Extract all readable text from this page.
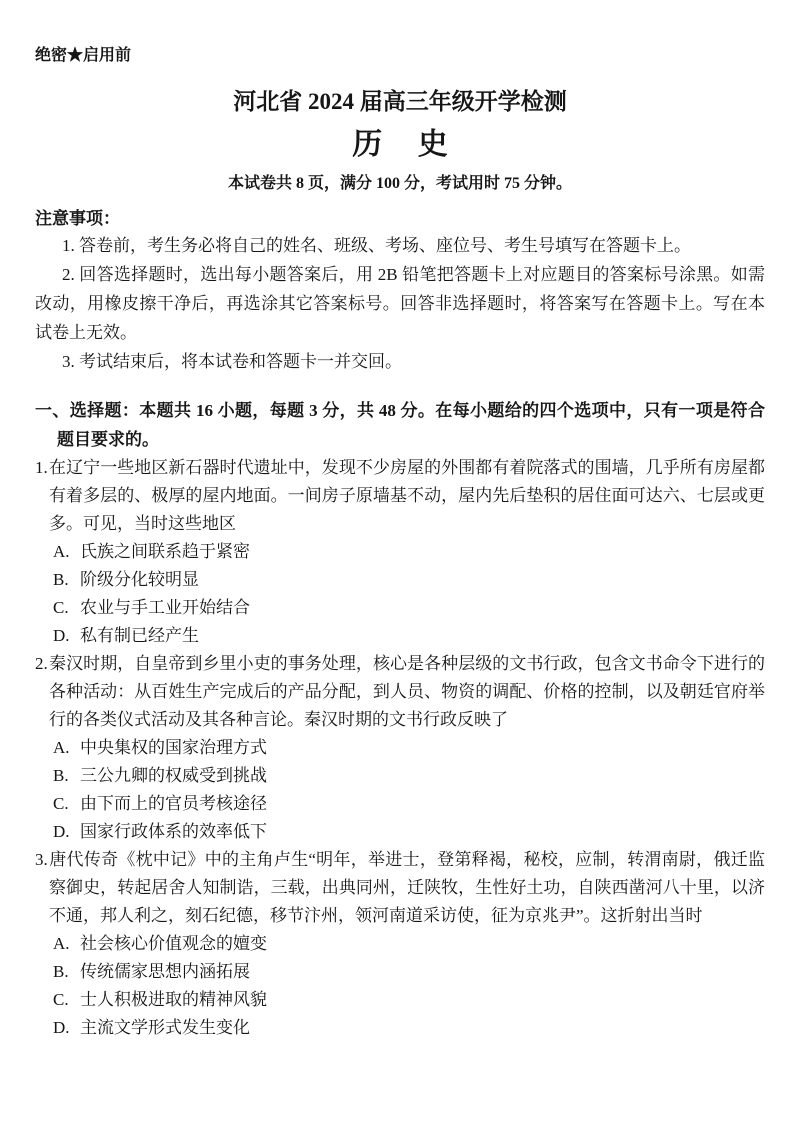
绝密★启用前
河北省 2024 届高三年级开学检测
历 史
本试卷共 8 页，满分 100 分，考试用时 75 分钟。
注意事项：

1. 答卷前，考生务必将自己的姓名、班级、考场、座位号、考生号填写在答题卡上。

2. 回答选择题时，选出每小题答案后，用 2B 铅笔把答题卡上对应题目的答案标号涂黑。如需改动，用橡皮擦干净后，再选涂其它答案标号。回答非选择题时，将答案写在答题卡上。写在本试卷上无效。

3. 考试结束后，将本试卷和答题卡一并交回。

一、选择题：本题共 16 小题，每题 3 分，共 48 分。在每小题给的四个选项中，只有一项是符合题目要求的。

1.在辽宁一些地区新石器时代遗址中，发现不少房屋的外围都有着院落式的围墙，几乎所有房屋都有着多层的、极厚的屋内地面。一间房子原墙基不动，屋内先后垫积的居住面可达六、七层或更多。可见，当时这些地区

A. 氏族之间联系趋于紧密
B. 阶级分化较明显
C. 农业与手工业开始结合
D. 私有制已经产生

2.秦汉时期，自皇帝到乡里小吏的事务处理，核心是各种层级的文书行政，包含文书命令下进行的各种活动：从百姓生产完成后的产品分配，到人员、物资的调配、价格的控制，以及朝廷官府举行的各类仪式活动及其各种言论。秦汉时期的文书行政反映了

A. 中央集权的国家治理方式
B. 三公九卿的权威受到挑战
C. 由下而上的官员考核途径
D. 国家行政体系的效率低下

3.唐代传奇《枕中记》中的主角卢生“明年，举进士，登第释褐，秘校，应制，转渭南尉，俄迁监察御史，转起居舍人知制诰，三载，出典同州，迁陕牧，生性好土功，自陕西凿河八十里，以济不通，邦人利之，刻石纪德，移节汴州，领河南道采访使，征为京兆尹”。这折射出当时

A. 社会核心价值观念的嬗变
B. 传统儒家思想内涵拓展
C. 士人积极进取的精神风貌
D. 主流文学形式发生变化
